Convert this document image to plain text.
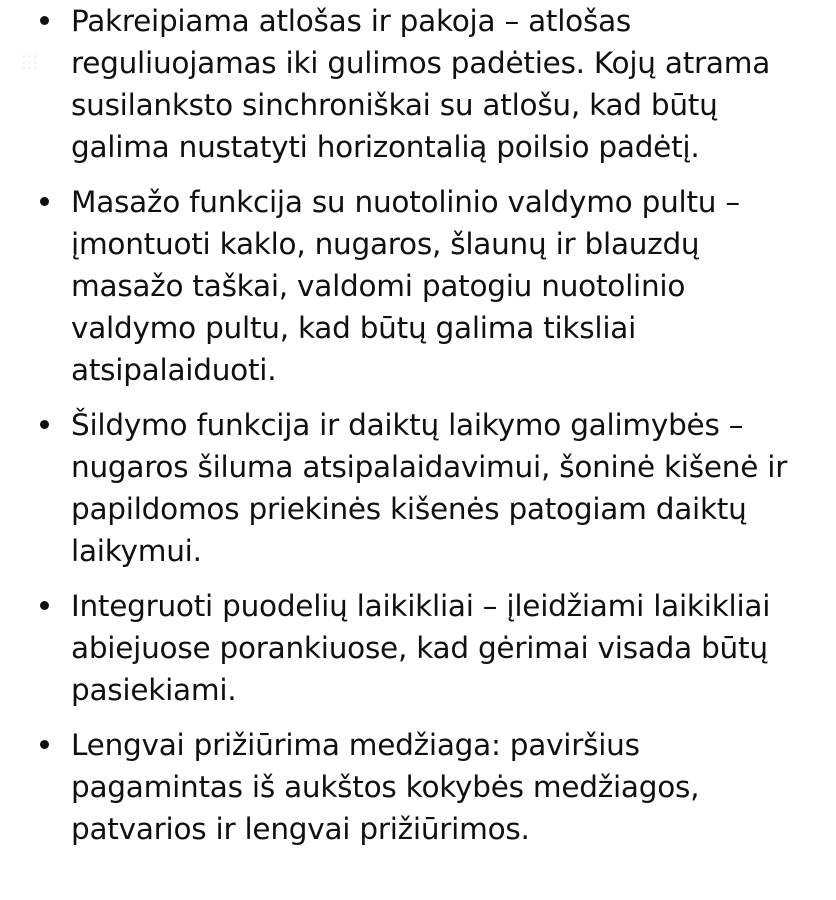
Pakreipiama atlošas ir pakoja – atlošas reguliuojamas iki gulimos padėties. Kojų atrama susilanksto sinchroniškai su atlošu, kad būtų galima nustatyti horizontalią poilsio padėtį.
Masažo funkcija su nuotolinio valdymo pultu – įmontuoti kaklo, nugaros, šlaunų ir blauzdų masažo taškai, valdomi patogiu nuotolinio valdymo pultu, kad būtų galima tiksliai atsipalaiduoti.
Šildymo funkcija ir daiktų laikymo galimybės – nugaros šiluma atsipalaidavimui, šoninė kišenė ir papildomos priekinės kišenės patogiam daiktų laikymui.
Integruoti puodelių laikikliai – įleidžiami laikikliai abiejuose porankiuose, kad gėrimai visada būtų pasiekiami.
Lengvai prižiūrima medžiaga: paviršius pagamintas iš aukštos kokybės medžiagos, patvarios ir lengvai prižiūrimos.
